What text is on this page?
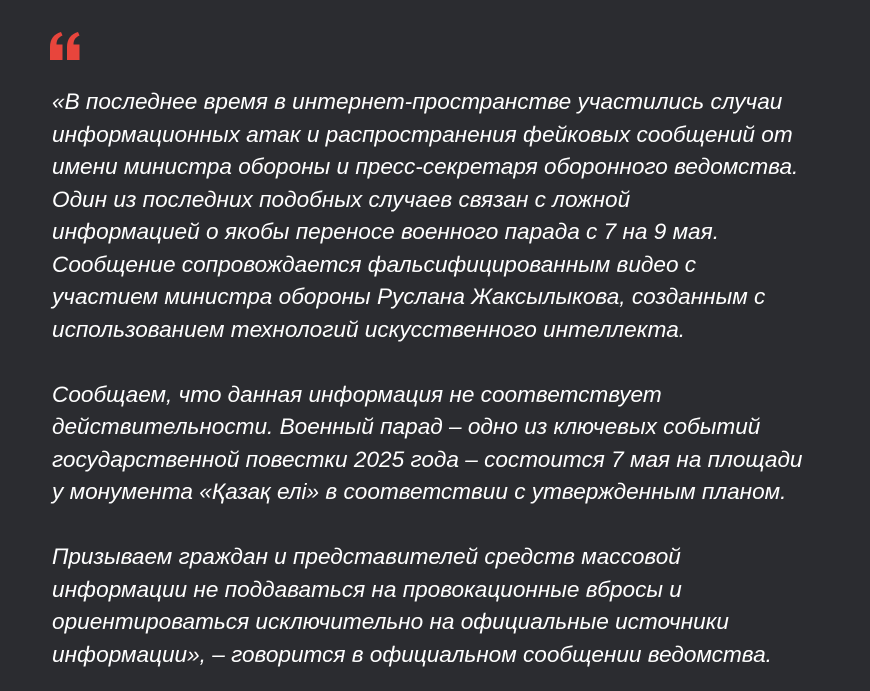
«В последнее время в интернет-пространстве участились случаи
информационных атак и распространения фейковых сообщений от
имени министра обороны и пресс-секретаря оборонного ведомства.
Один из последних подобных случаев связан с ложной
информацией о якобы переносе военного парада с 7 на 9 мая.
Сообщение сопровождается фальсифицированным видео с
участием министра обороны Руслана Жаксылыкова, созданным с
использованием технологий искусственного интеллекта.

Сообщаем, что данная информация не соответствует
действительности. Военный парад – одно из ключевых событий
государственной повестки 2025 года – состоится 7 мая на площади
у монумента «Қазақ елі» в соответствии с утвержденным планом.

Призываем граждан и представителей средств массовой
информации не поддаваться на провокационные вбросы и
ориентироваться исключительно на официальные источники
информации», – говорится в официальном сообщении ведомства.
